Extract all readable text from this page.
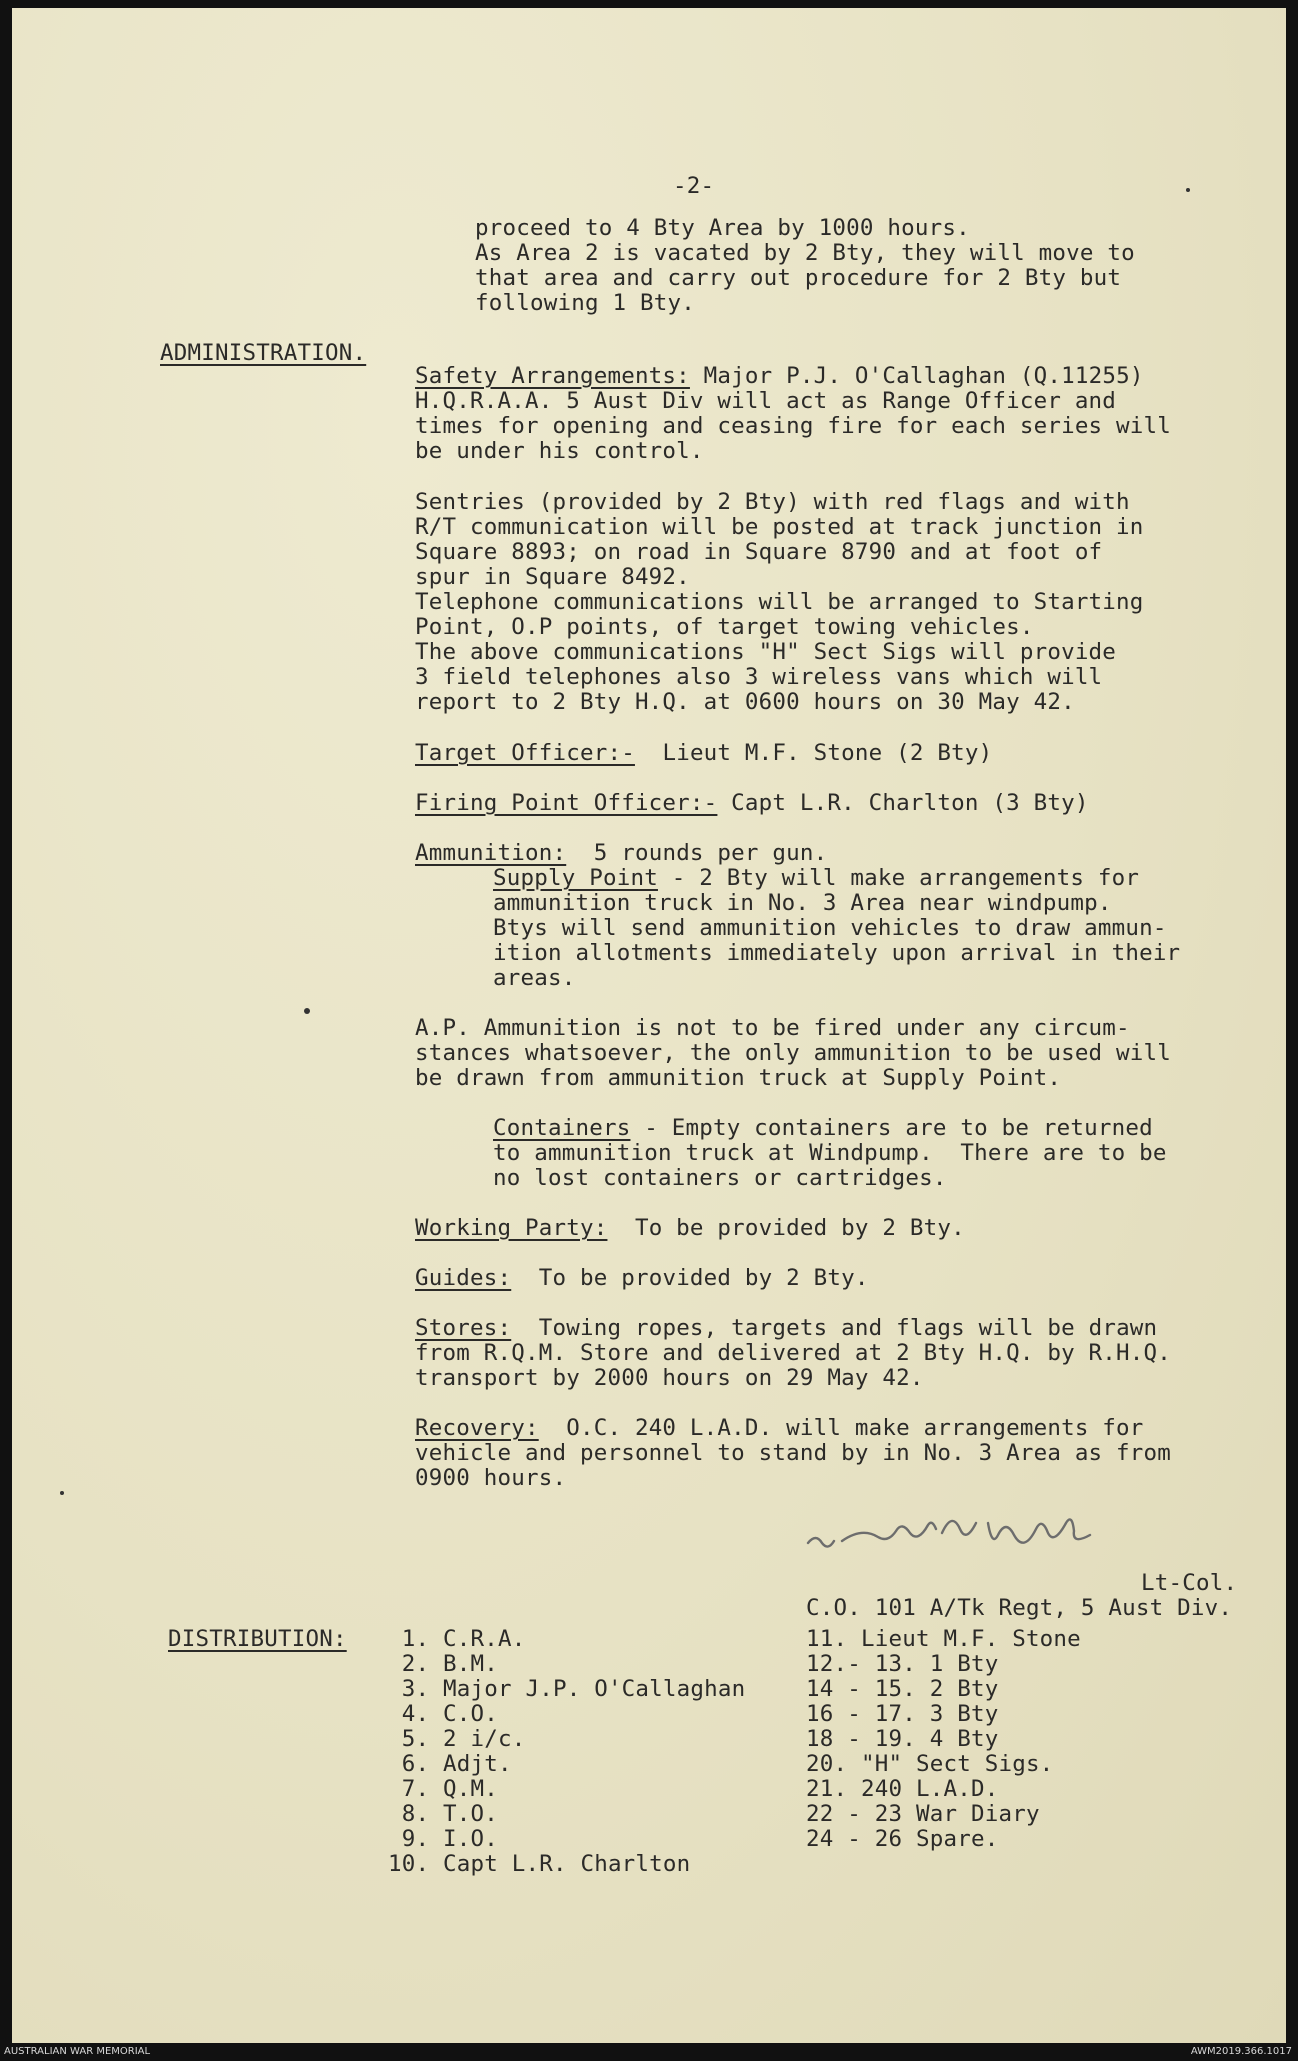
-2-
proceed to 4 Bty Area by 1000 hours.
As Area 2 is vacated by 2 Bty, they will move to
that area and carry out procedure for 2 Bty but
following 1 Bty.
ADMINISTRATION.
Safety Arrangements: Major P.J. O'Callaghan (Q.11255)
H.Q.R.A.A. 5 Aust Div will act as Range Officer and
times for opening and ceasing fire for each series will
be under his control.
Sentries (provided by 2 Bty) with red flags and with
R/T communication will be posted at track junction in
Square 8893; on road in Square 8790 and at foot of
spur in Square 8492.
Telephone communications will be arranged to Starting
Point, O.P points, of target towing vehicles.
The above communications "H" Sect Sigs will provide
3 field telephones also 3 wireless vans which will
report to 2 Bty H.Q. at 0600 hours on 30 May 42.
Target Officer:-  Lieut M.F. Stone (2 Bty)
Firing Point Officer:- Capt L.R. Charlton (3 Bty)
Ammunition:  5 rounds per gun.
Supply Point - 2 Bty will make arrangements for
ammunition truck in No. 3 Area near windpump.
Btys will send ammunition vehicles to draw ammun-
ition allotments immediately upon arrival in their
areas.
A.P. Ammunition is not to be fired under any circum-
stances whatsoever, the only ammunition to be used will
be drawn from ammunition truck at Supply Point.
Containers - Empty containers are to be returned
to ammunition truck at Windpump.  There are to be
no lost containers or cartridges.
Working Party:  To be provided by 2 Bty.
Guides:  To be provided by 2 Bty.
Stores:  Towing ropes, targets and flags will be drawn
from R.Q.M. Store and delivered at 2 Bty H.Q. by R.H.Q.
transport by 2000 hours on 29 May 42.
Recovery:  O.C. 240 L.A.D. will make arrangements for
vehicle and personnel to stand by in No. 3 Area as from
0900 hours.
Lt-Col.
C.O. 101 A/Tk Regt, 5 Aust Div.
DISTRIBUTION: 1. C.R.A.
2. B.M.
3. Major J.P. O'Callaghan
4. C.O.
5. 2 i/c.
6. Adjt.
7. Q.M.
8. T.O.
9. I.O.
10. Capt L.R. Charlton
11. Lieut M.F. Stone
12.- 13. 1 Bty
14 - 15. 2 Bty
16 - 17. 3 Bty
18 - 19. 4 Bty
20. "H" Sect Sigs.
21. 240 L.A.D.
22 - 23 War Diary
24 - 26 Spare.
AUSTRALIAN WAR MEMORIAL	AWM2019.366.1017
